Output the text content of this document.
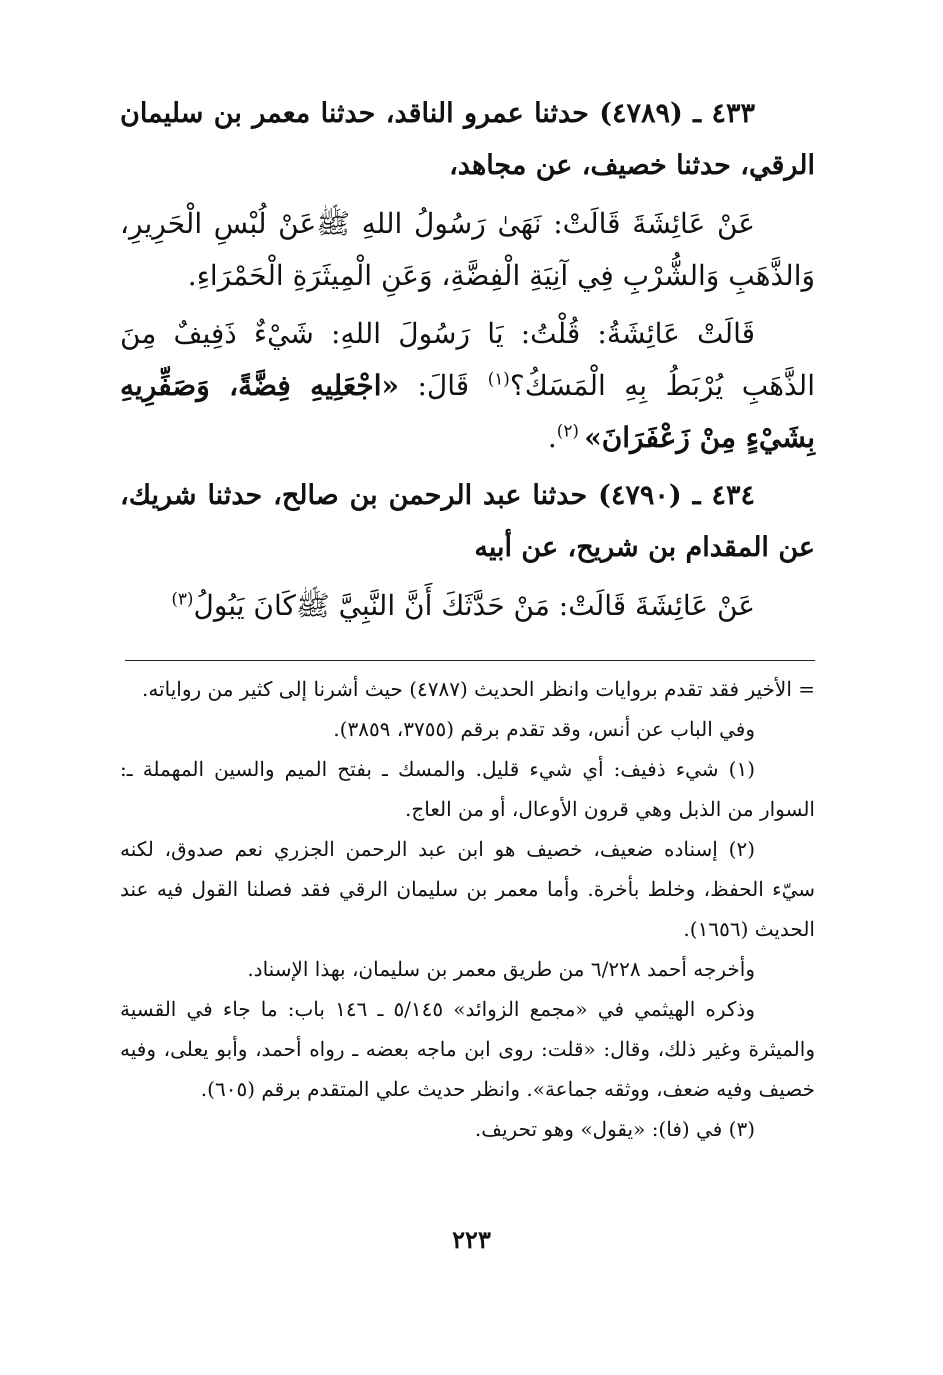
٤٣٣ ـ (٤٧٨٩) حدثنا عمرو الناقد، حدثنا معمر بن سليمان الرقي، حدثنا خصيف، عن مجاهد،

عَنْ عَائِشَةَ قَالَتْ: نَهَىٰ رَسُولُ اللهِ ﷺعَنْ لُبْسِ الْحَرِيرِ، وَالذَّهَبِ وَالشُّرْبِ فِي آنِيَةِ الْفِضَّةِ، وَعَنِ الْمِيثَرَةِ الْحَمْرَاءِ.

قَالَتْ عَائِشَةُ: قُلْتُ: يَا رَسُولَ اللهِ: شَيْءٌ ذَفِيفٌ مِنَ الذَّهَبِ يُرْبَطُ بِهِ الْمَسَكُ؟$^{(١)}$ قَالَ: «اجْعَلِيهِ فِضَّةً، وَصَفِّرِيهِ بِشَيْءٍ مِنْ زَعْفَرَانَ» $^{(٢)}$.

٤٣٤ ـ (٤٧٩٠) حدثنا عبد الرحمن بن صالح، حدثنا شريك، عن المقدام بن شريح، عن أبيه

عَنْ عَائِشَةَ قَالَتْ: مَنْ حَدَّثَكَ أَنَّ النَّبِيَّ ﷺكَانَ يَبُولُ$^{(٣)}$

= الأخير فقد تقدم بروايات وانظر الحديث (٤٧٨٧) حيث أشرنا إلى كثير من رواياته.

وفي الباب عن أنس، وقد تقدم برقم (٣٧٥٥، ٣٨٥٩).

(١) شيء ذفيف: أي شيء قليل. والمسك ـ بفتح الميم والسين المهملة ـ: السوار من الذبل وهي قرون الأوعال، أو من العاج.

(٢) إسناده ضعيف، خصيف هو ابن عبد الرحمن الجزري نعم صدوق، لكنه سيّء الحفظ، وخلط بأخرة. وأما معمر بن سليمان الرقي فقد فصلنا القول فيه عند الحديث (١٦٥٦).

وأخرجه أحمد ٦/٢٢٨ من طريق معمر بن سليمان، بهذا الإسناد.

وذكره الهيثمي في «مجمع الزوائد» ٥/١٤٥ ـ ١٤٦ باب: ما جاء في القسية والميثرة وغير ذلك، وقال: «قلت: روى ابن ماجه بعضه ـ رواه أحمد، وأبو يعلى، وفيه خصيف وفيه ضعف، ووثقه جماعة». وانظر حديث علي المتقدم برقم (٦٠٥).

(٣) في (فا): «يقول» وهو تحريف.

٢٢٣
